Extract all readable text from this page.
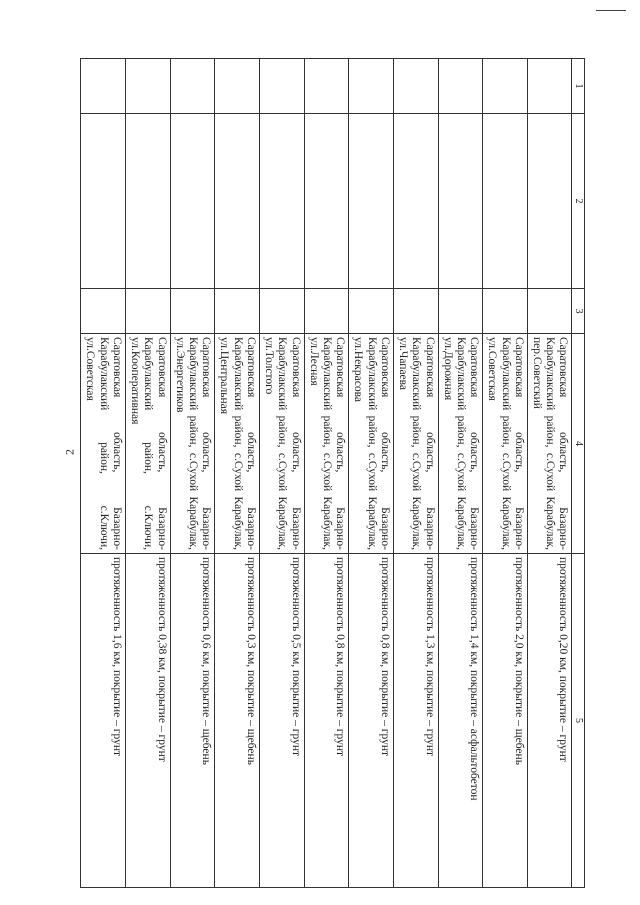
2
1	2	3	4	5
			Саратовская область, Базарно-Карабулакский район, с.Сухой Карабулак, пер.Советский	протяженность 0,20 км, покрытие – грунт
			Саратовская область, Базарно-Карабулакский район, с.Сухой Карабулак, ул.Советская	протяженность 2,0 км, покрытие – щебень
			Саратовская область, Базарно-Карабулакский район, с.Сухой Карабулак, ул.Дорожная	протяженность 1,4 км, покрытие – асфальтобетон
			Саратовская область, Базарно-Карабулакский район, с.Сухой Карабулак, ул.Чапаева	протяженность 1,3 км, покрытие – грунт
			Саратовская область, Базарно-Карабулакский район, с.Сухой Карабулак, ул.Некрасова	протяженность 0,8 км, покрытие – грунт
			Саратовская область, Базарно-Карабулакский район, с.Сухой Карабулак, ул.Лесная	протяженность 0,8 км, покрытие – грунт
			Саратовская область, Базарно-Карабулакский район, с.Сухой Карабулак, ул.Толстого	протяженность 0,5 км, покрытие – грунт
			Саратовская область, Базарно-Карабулакский район, с.Сухой Карабулак, ул.Центральная	протяженность 0,3 км, покрытие – щебень
			Саратовская область, Базарно-Карабулакский район, с.Сухой Карабулак, ул.Энергетиков	протяженность 0,6 км, покрытие – щебень
			Саратовская область, Базарно-Карабулакский район, с.Ключи, ул.Кооперативная	протяженность 0,38 км, покрытие – грунт
			Саратовская область, Базарно-Карабулакский район, с.Ключи, ул.Советская	протяженность 1,6 км, покрытие – грунт
